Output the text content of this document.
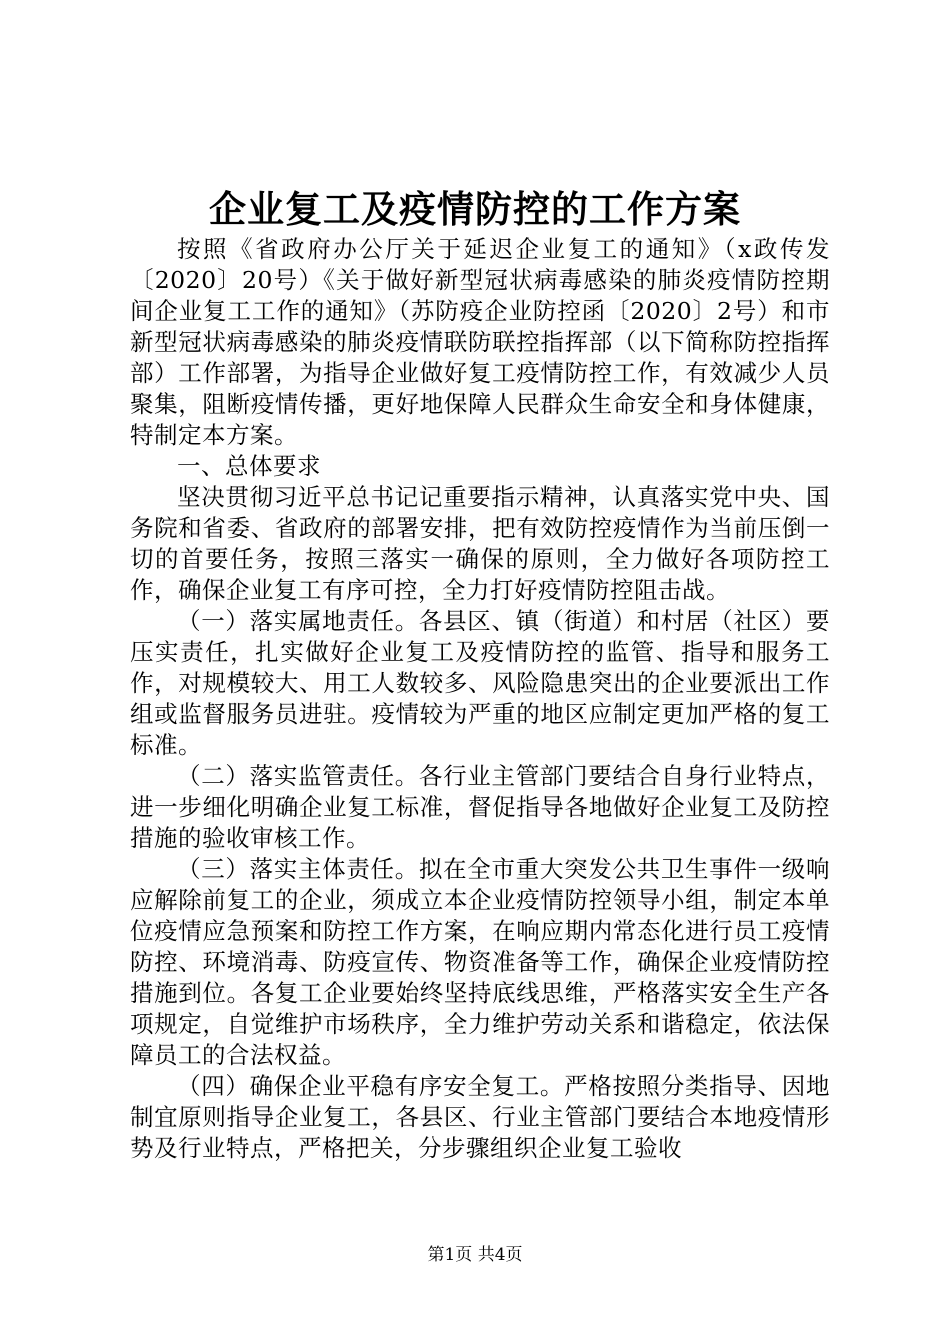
企业复工及疫情防控的工作方案

按照《省政府办公厅关于延迟企业复工的通知》（x政传发〔2020〕20号）《关于做好新型冠状病毒感染的肺炎疫情防控期间企业复工工作的通知》（苏防疫企业防控函〔2020〕2号）和市新型冠状病毒感染的肺炎疫情联防联控指挥部（以下简称防控指挥部）工作部署，为指导企业做好复工疫情防控工作，有效减少人员聚集，阻断疫情传播，更好地保障人民群众生命安全和身体健康，特制定本方案。

一、总体要求

坚决贯彻习近平总书记记重要指示精神，认真落实党中央、国务院和省委、省政府的部署安排，把有效防控疫情作为当前压倒一切的首要任务，按照三落实一确保的原则，全力做好各项防控工作，确保企业复工有序可控，全力打好疫情防控阻击战。

（一）落实属地责任。各县区、镇（街道）和村居（社区）要压实责任，扎实做好企业复工及疫情防控的监管、指导和服务工作，对规模较大、用工人数较多、风险隐患突出的企业要派出工作组或监督服务员进驻。疫情较为严重的地区应制定更加严格的复工标准。

（二）落实监管责任。各行业主管部门要结合自身行业特点，进一步细化明确企业复工标准，督促指导各地做好企业复工及防控措施的验收审核工作。

（三）落实主体责任。拟在全市重大突发公共卫生事件一级响应解除前复工的企业，须成立本企业疫情防控领导小组，制定本单位疫情应急预案和防控工作方案，在响应期内常态化进行员工疫情防控、环境消毒、防疫宣传、物资准备等工作，确保企业疫情防控措施到位。各复工企业要始终坚持底线思维，严格落实安全生产各项规定，自觉维护市场秩序，全力维护劳动关系和谐稳定，依法保障员工的合法权益。

（四）确保企业平稳有序安全复工。严格按照分类指导、因地制宜原则指导企业复工，各县区、行业主管部门要结合本地疫情形势及行业特点，严格把关，分步骤组织企业复工验收

第1页 共4页
